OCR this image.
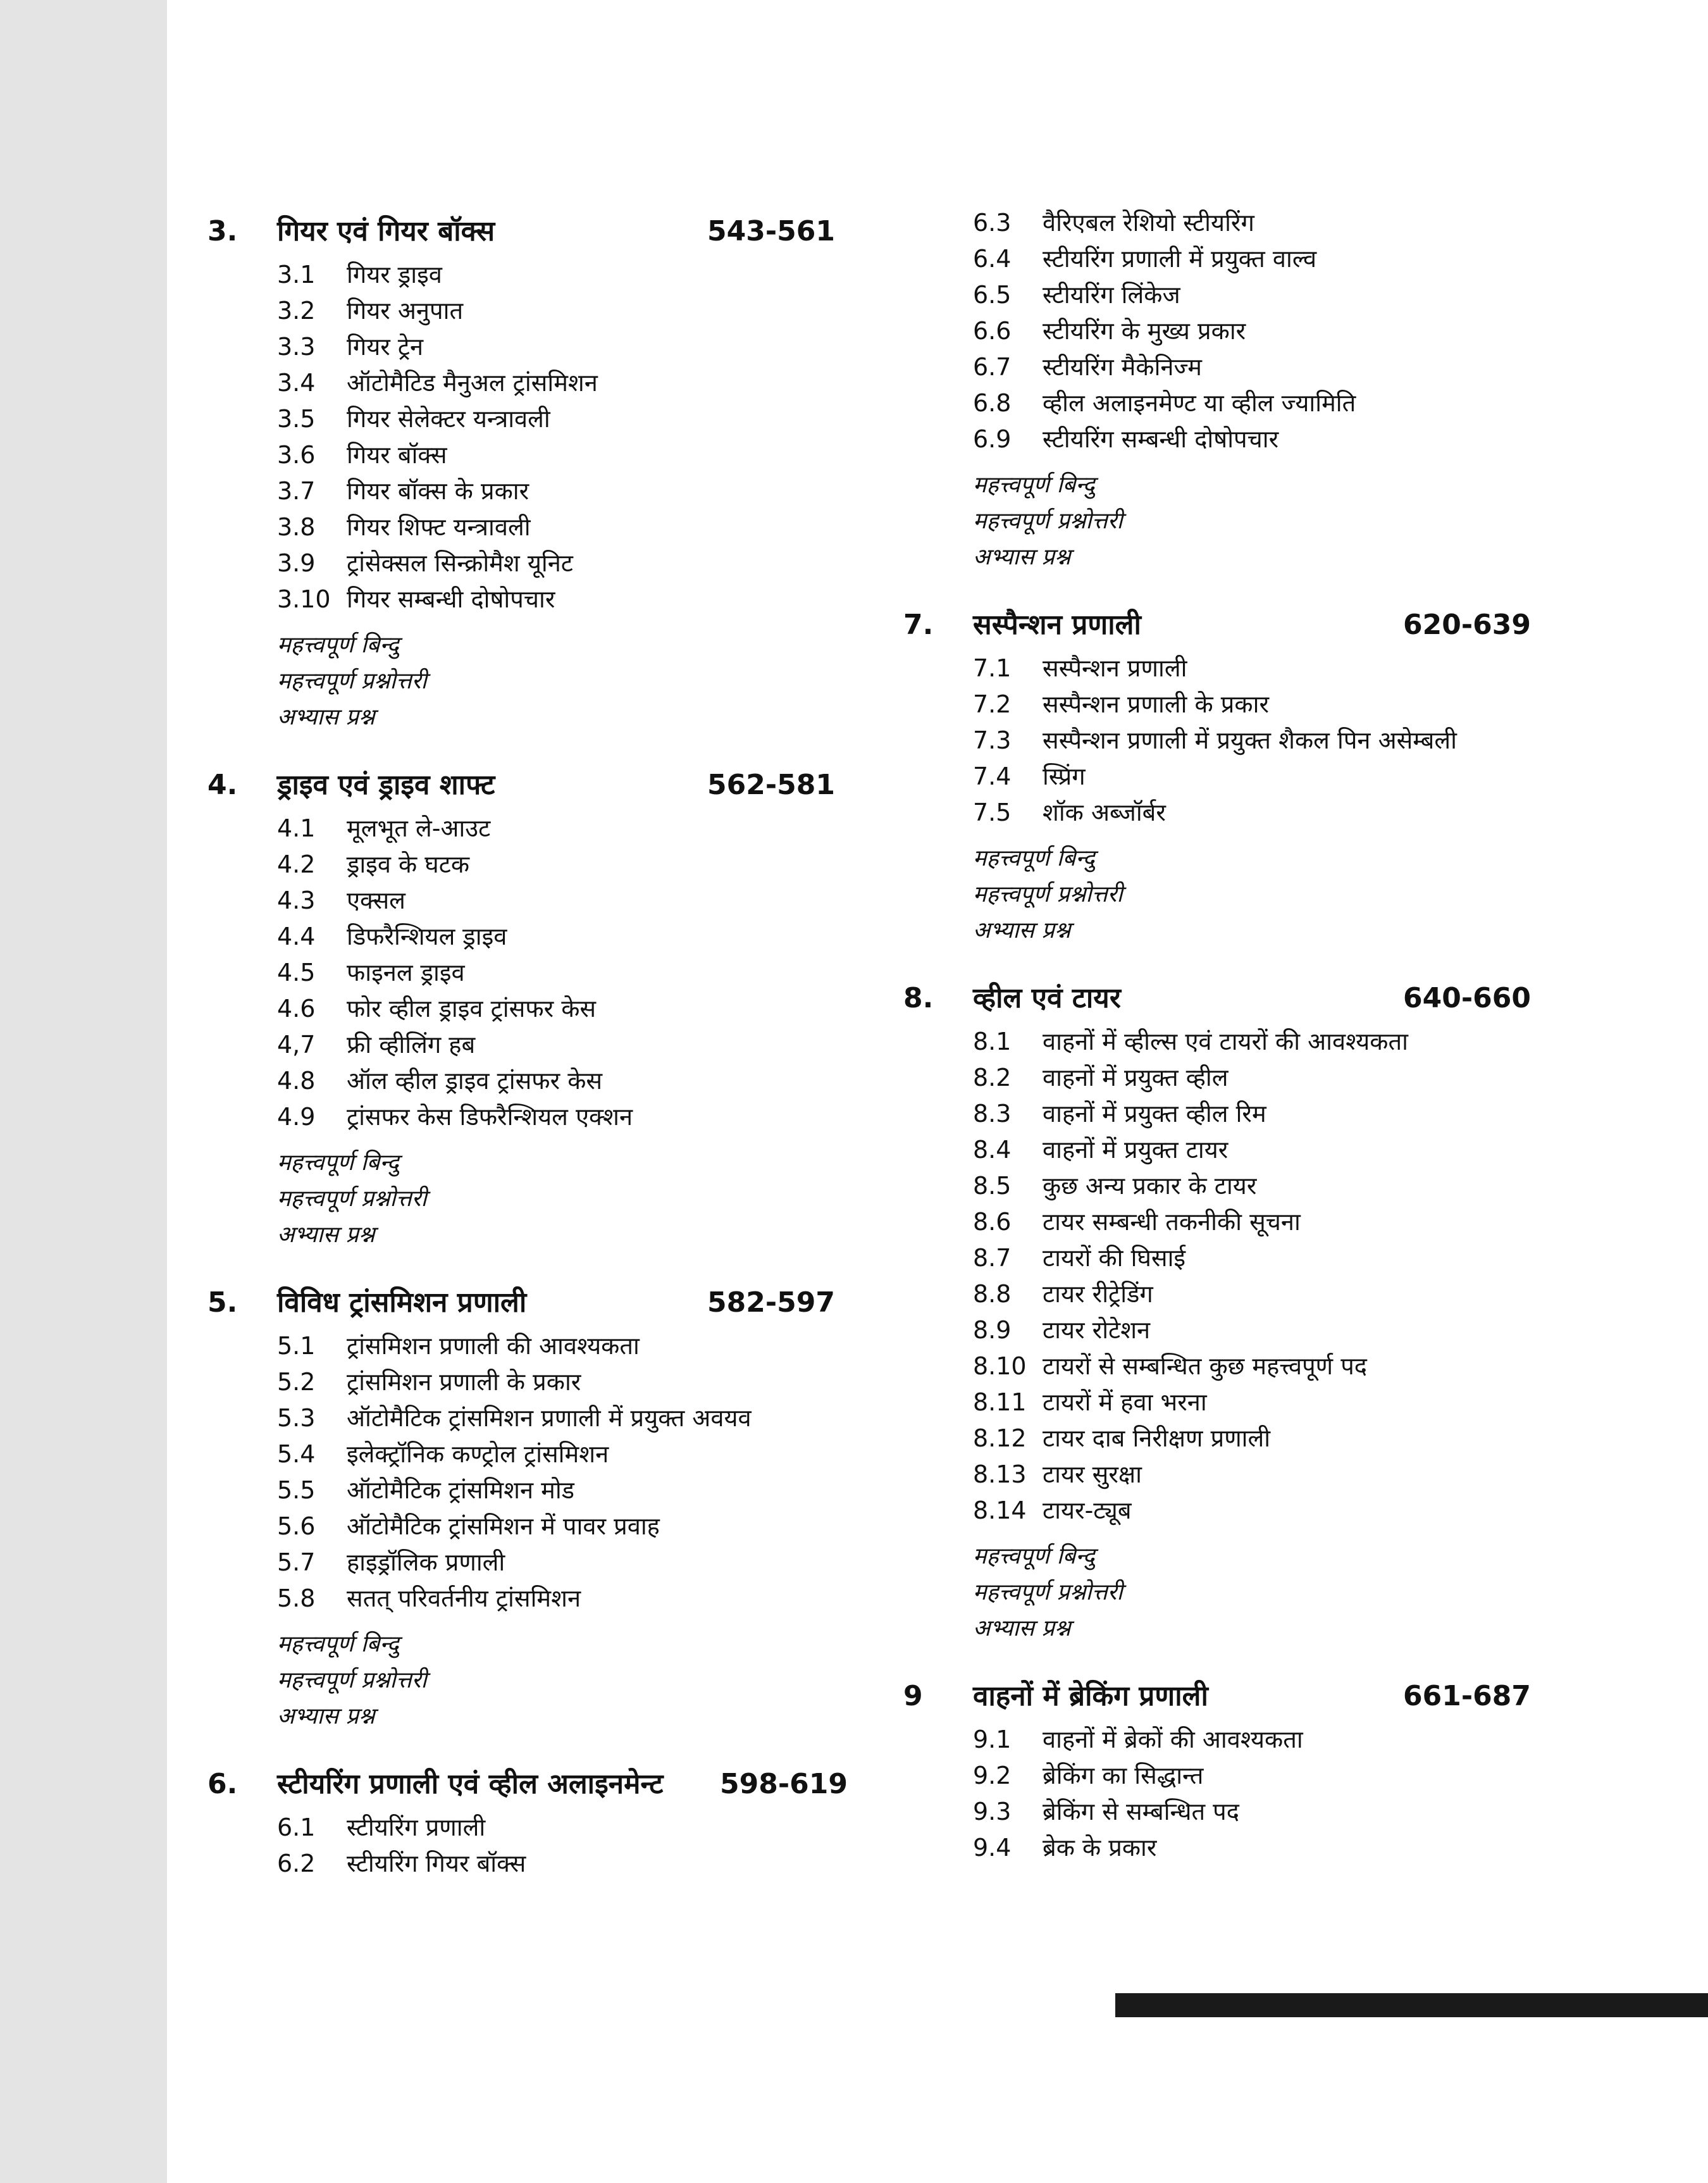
3. गियर एवं गियर बॉक्स	543-561
3.1	गियर ड्राइव
3.2	गियर अनुपात
3.3	गियर ट्रेन
3.4	ऑटोमैटिड मैनुअल ट्रांसमिशन
3.5	गियर सेलेक्टर यन्त्रावली
3.6	गियर बॉक्स
3.7	गियर बॉक्स के प्रकार
3.8	गियर शिफ्ट यन्त्रावली
3.9	ट्रांसेक्सल सिन्क्रोमैश यूनिट
3.10 गियर सम्बन्धी दोषोपचार
महत्त्वपूर्ण बिन्दु
महत्त्वपूर्ण प्रश्नोत्तरी
अभ्यास प्रश्न
4. ड्राइव एवं ड्राइव शाफ्ट	562-581
4.1	मूलभूत ले-आउट
4.2	ड्राइव के घटक
4.3	एक्सल
4.4	डिफरैन्शियल ड्राइव
4.5	फाइनल ड्राइव
4.6	फोर व्हील ड्राइव ट्रांसफर केस
4,7	फ्री व्हीलिंग हब
4.8	ऑल व्हील ड्राइव ट्रांसफर केस
4.9	ट्रांसफर केस डिफरैन्शियल एक्शन
महत्त्वपूर्ण बिन्दु
महत्त्वपूर्ण प्रश्नोत्तरी
अभ्यास प्रश्न
5. विविध ट्रांसमिशन प्रणाली	582-597
5.1	ट्रांसमिशन प्रणाली की आवश्यकता
5.2	ट्रांसमिशन प्रणाली के प्रकार
5.3	ऑटोमैटिक ट्रांसमिशन प्रणाली में प्रयुक्त अवयव
5.4	इलेक्ट्रॉनिक कण्ट्रोल ट्रांसमिशन
5.5	ऑटोमैटिक ट्रांसमिशन मोड
5.6	ऑटोमैटिक ट्रांसमिशन में पावर प्रवाह
5.7	हाइड्रॉलिक प्रणाली
5.8	सतत् परिवर्तनीय ट्रांसमिशन
महत्त्वपूर्ण बिन्दु
महत्त्वपूर्ण प्रश्नोत्तरी
अभ्यास प्रश्न
6. स्टीयरिंग प्रणाली एवं व्हील अलाइनमेन्ट 598-619
6.1	स्टीयरिंग प्रणाली
6.2	स्टीयरिंग गियर बॉक्स
6.3	वैरिएबल रेशियो स्टीयरिंग
6.4	स्टीयरिंग प्रणाली में प्रयुक्त वाल्व
6.5	स्टीयरिंग लिंकेज
6.6	स्टीयरिंग के मुख्य प्रकार
6.7	स्टीयरिंग मैकेनिज्म
6.8	व्हील अलाइनमेण्ट या व्हील ज्यामिति
6.9	स्टीयरिंग सम्बन्धी दोषोपचार
महत्त्वपूर्ण बिन्दु
महत्त्वपूर्ण प्रश्नोत्तरी
अभ्यास प्रश्न
7. सस्पैन्शन प्रणाली	620-639
7.1	सस्पैन्शन प्रणाली
7.2	सस्पैन्शन प्रणाली के प्रकार
7.3	सस्पैन्शन प्रणाली में प्रयुक्त शैकल पिन असेम्बली
7.4	स्प्रिंग
7.5	शॉक अब्जॉर्बर
महत्त्वपूर्ण बिन्दु
महत्त्वपूर्ण प्रश्नोत्तरी
अभ्यास प्रश्न
8. व्हील एवं टायर	640-660
8.1	वाहनों में व्हील्स एवं टायरों की आवश्यकता
8.2	वाहनों में प्रयुक्त व्हील
8.3	वाहनों में प्रयुक्त व्हील रिम
8.4	वाहनों में प्रयुक्त टायर
8.5	कुछ अन्य प्रकार के टायर
8.6	टायर सम्बन्धी तकनीकी सूचना
8.7	टायरों की घिसाई
8.8	टायर रीट्रेडिंग
8.9	टायर रोटेशन
8.10 टायरों से सम्बन्धित कुछ महत्त्वपूर्ण पद
8.11 टायरों में हवा भरना
8.12 टायर दाब निरीक्षण प्रणाली
8.13 टायर सुरक्षा
8.14 टायर-ट्यूब
महत्त्वपूर्ण बिन्दु
महत्त्वपूर्ण प्रश्नोत्तरी
अभ्यास प्रश्न
9 वाहनों में ब्रेकिंग प्रणाली	661-687
9.1	वाहनों में ब्रेकों की आवश्यकता
9.2	ब्रेकिंग का सिद्धान्त
9.3	ब्रेकिंग से सम्बन्धित पद
9.4	ब्रेक के प्रकार
